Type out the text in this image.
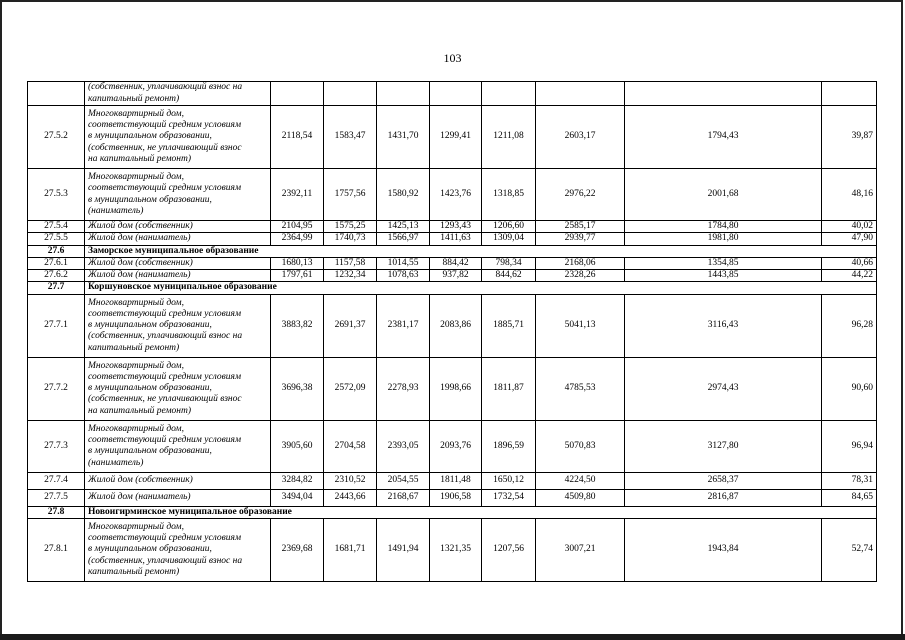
103

	(собственник, уплачивающий взнос на
капитальный ремонт)								

27.5.2	Многоквартирный дом,
соответствующий средним условиям
в муниципальном образовании,
(собственник, не уплачивающий взнос
на капитальный ремонт)	2118,54	1583,47	1431,70	1299,41	1211,08	2603,17	1794,43	39,87
27.5.3	Многоквартирный дом,
соответствующий средним условиям
в муниципальном образовании,
(наниматель)	2392,11	1757,56	1580,92	1423,76	1318,85	2976,22	2001,68	48,16
27.5.4	Жилой дом (собственник)	2104,95	1575,25	1425,13	1293,43	1206,60	2585,17	1784,80	40,02
27.5.5	Жилой дом (наниматель)	2364,99	1740,73	1566,97	1411,63	1309,04	2939,77	1981,80	47,90
27.6	Заморское муниципальное образование								
27.6.1	Жилой дом (собственник)	1680,13	1157,58	1014,55	884,42	798,34	2168,06	1354,85	40,66
27.6.2	Жилой дом (наниматель)	1797,61	1232,34	1078,63	937,82	844,62	2328,26	1443,85	44,22
27.7	Коршуновское муниципальное образование								
27.7.1	Многоквартирный дом,
соответствующий средним условиям
в муниципальном образовании,
(собственник, уплачивающий взнос на
капитальный ремонт)	3883,82	2691,37	2381,17	2083,86	1885,71	5041,13	3116,43	96,28
27.7.2	Многоквартирный дом,
соответствующий средним условиям
в муниципальном образовании,
(собственник, не уплачивающий взнос
на капитальный ремонт)	3696,38	2572,09	2278,93	1998,66	1811,87	4785,53	2974,43	90,60
27.7.3	Многоквартирный дом,
соответствующий средним условиям
в муниципальном образовании,
(наниматель)	3905,60	2704,58	2393,05	2093,76	1896,59	5070,83	3127,80	96,94
27.7.4	Жилой дом (собственник)	3284,82	2310,52	2054,55	1811,48	1650,12	4224,50	2658,37	78,31
27.7.5	Жилой дом (наниматель)	3494,04	2443,66	2168,67	1906,58	1732,54	4509,80	2816,87	84,65
27.8	Новоигирминское муниципальное образование								
27.8.1	Многоквартирный дом,
соответствующий средним условиям
в муниципальном образовании,
(собственник, уплачивающий взнос на
капитальный ремонт)	2369,68	1681,71	1491,94	1321,35	1207,56	3007,21	1943,84	52,74
